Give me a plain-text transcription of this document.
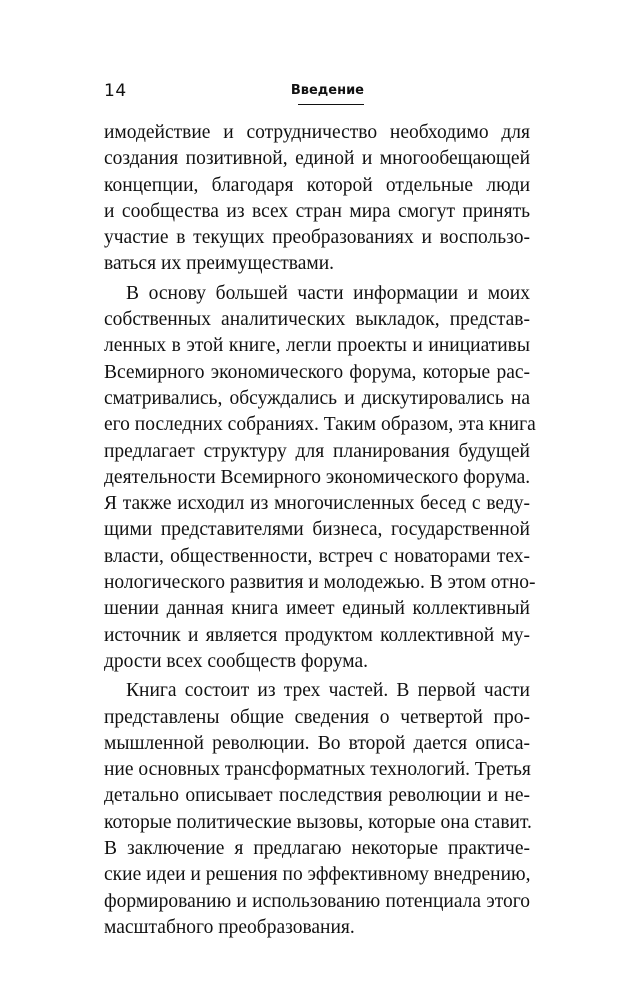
14	Введение
имодействие и сотрудничество необходимо для
создания позитивной, единой и многообещающей
концепции, благодаря которой отдельные люди
и сообщества из всех стран мира смогут принять
участие в текущих преобразованиях и воспользо-
ваться их преимуществами.
В основу большей части информации и моих
собственных аналитических выкладок, представ-
ленных в этой книге, легли проекты и инициативы
Всемирного экономического форума, которые рас-
сматривались, обсуждались и дискутировались на
его последних собраниях. Таким образом, эта книга
предлагает структуру для планирования будущей
деятельности Всемирного экономического форума.
Я также исходил из многочисленных бесед с веду-
щими представителями бизнеса, государственной
власти, общественности, встреч с новаторами тех-
нологического развития и молодежью. В этом отно-
шении данная книга имеет единый коллективный
источник и является продуктом коллективной му-
дрости всех сообществ форума.
Книга состоит из трех частей. В первой части
представлены общие сведения о четвертой про-
мышленной революции. Во второй дается описа-
ние основных трансформатных технологий. Третья
детально описывает последствия революции и не-
которые политические вызовы, которые она ставит.
В заключение я предлагаю некоторые практиче-
ские идеи и решения по эффективному внедрению,
формированию и использованию потенциала этого
масштабного преобразования.
